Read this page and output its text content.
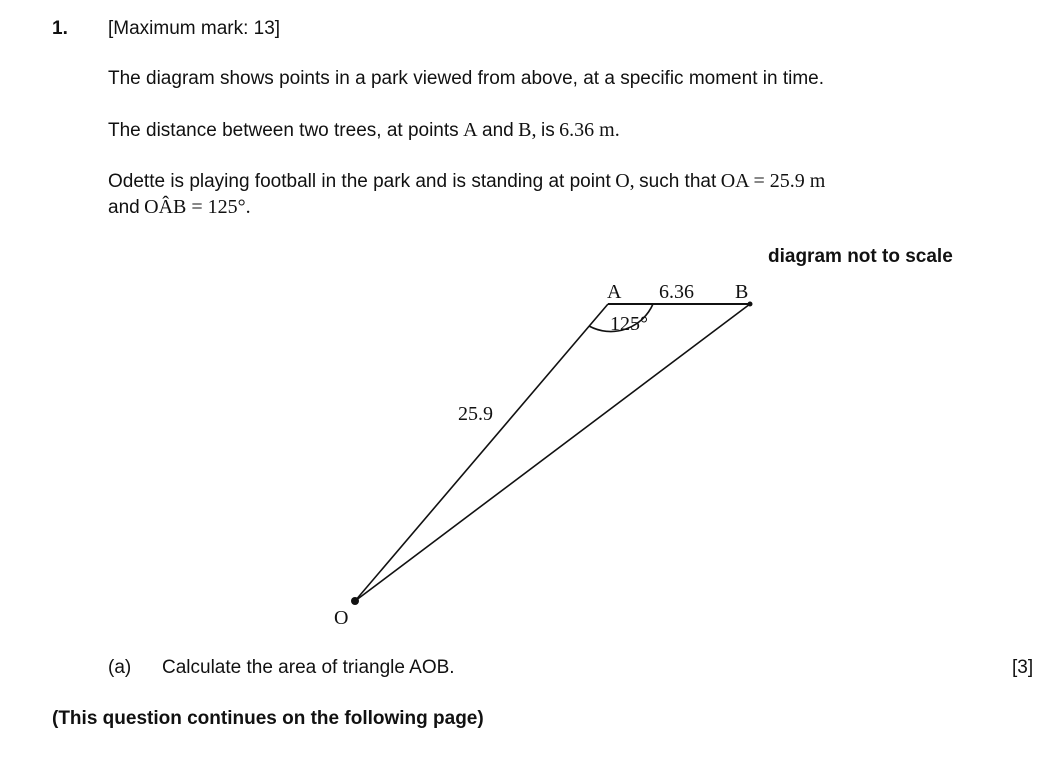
1. [Maximum mark: 13]
The diagram shows points in a park viewed from above, at a specific moment in time.
The distance between two trees, at points A and B, is 6.36 m.
Odette is playing football in the park and is standing at point O, such that OA = 25.9 m
and OÂB = 125°.
diagram not to scale
A 6.36 B
125°
25.9
O
(a) Calculate the area of triangle AOB.	[3]
(This question continues on the following page)
